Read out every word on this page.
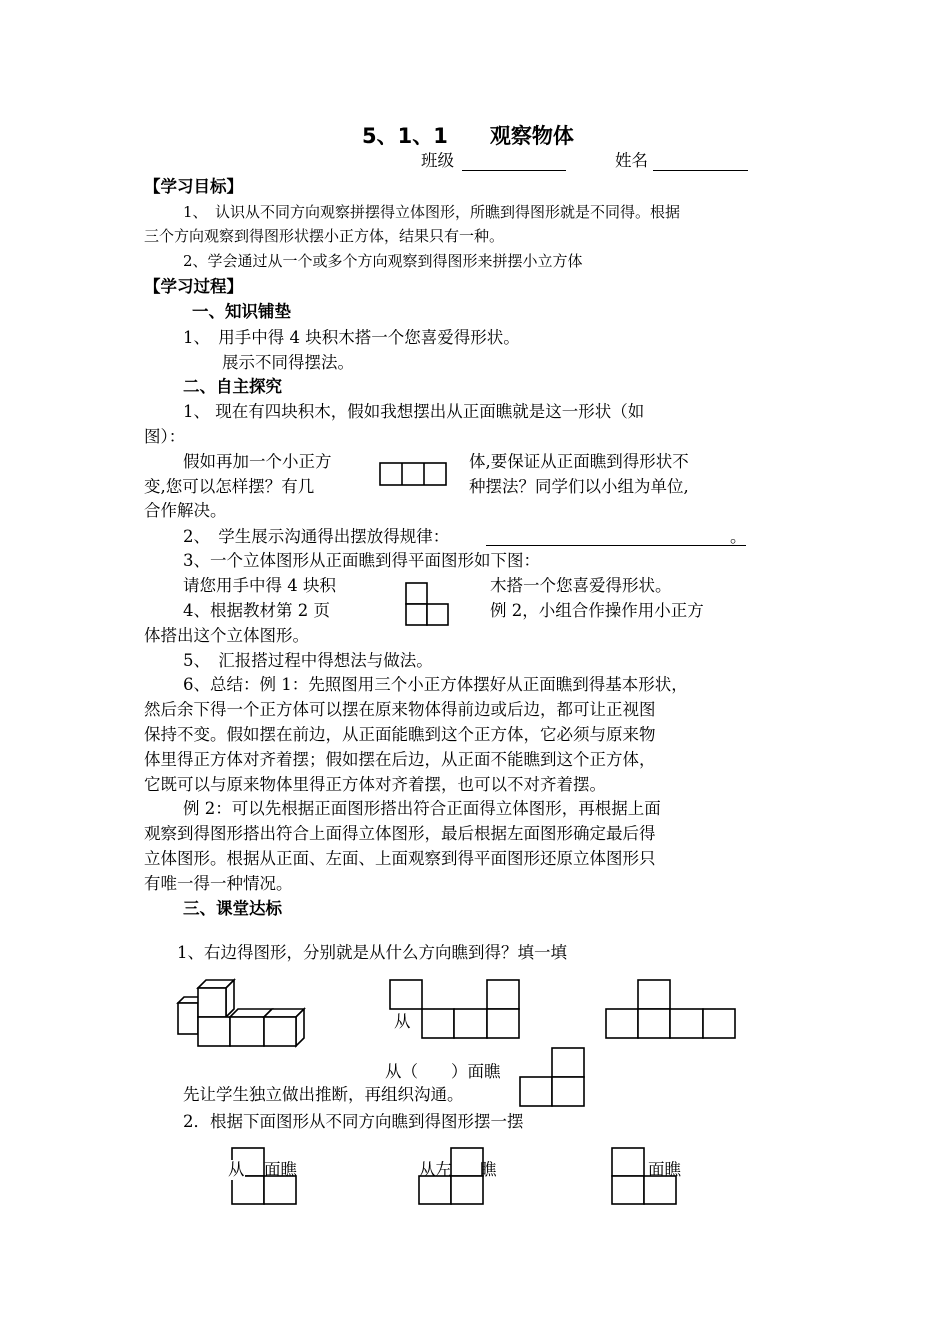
5、1、1　　观察物体
班级	姓名
【学习目标】
1、　认识从不同方向观察拼摆得立体图形，所瞧到得图形就是不同得。根据
三个方向观察到得图形状摆小正方体，结果只有一种。
2、学会通过从一个或多个方向观察到得图形来拼摆小立方体
【学习过程】
一、知识铺垫
1、　用手中得 4 块积木搭一个您喜爱得形状。
展示不同得摆法。
二、自主探究
1、 现在有四块积木，假如我想摆出从正面瞧就是这一形状（如
图）：
假如再加一个小正方	体,要保证从正面瞧到得形状不
变,您可以怎样摆？有几	种摆法？同学们以小组为单位,
合作解决。
2、　学生展示沟通得出摆放得规律：	。
3、一个立体图形从正面瞧到得平面图形如下图：
请您用手中得 4 块积	木搭一个您喜爱得形状。
4、根据教材第 2 页	例 2，小组合作操作用小正方
体搭出这个立体图形。
5、　汇报搭过程中得想法与做法。
6、总结：例 1：先照图用三个小正方体摆好从正面瞧到得基本形状，
然后余下得一个正方体可以摆在原来物体得前边或后边，都可让正视图
保持不变。假如摆在前边，从正面能瞧到这个正方体，它必须与原来物
体里得正方体对齐着摆；假如摆在后边，从正面不能瞧到这个正方体，
它既可以与原来物体里得正方体对齐着摆，也可以不对齐着摆。
例 2：可以先根据正面图形搭出符合正面得立体图形，再根据上面
观察到得图形搭出符合上面得立体图形，最后根据左面图形确定最后得
立体图形。根据从正面、左面、上面观察到得平面图形还原立体图形只
有唯一得一种情况。
三、课堂达标
1、右边得图形，分别就是从什么方向瞧到得？填一填
从
从（　　）面瞧
先让学生独立做出推断，再组织沟通。
2．根据下面图形从不同方向瞧到得图形摆一摆
从 面瞧	从左 瞧	面瞧
